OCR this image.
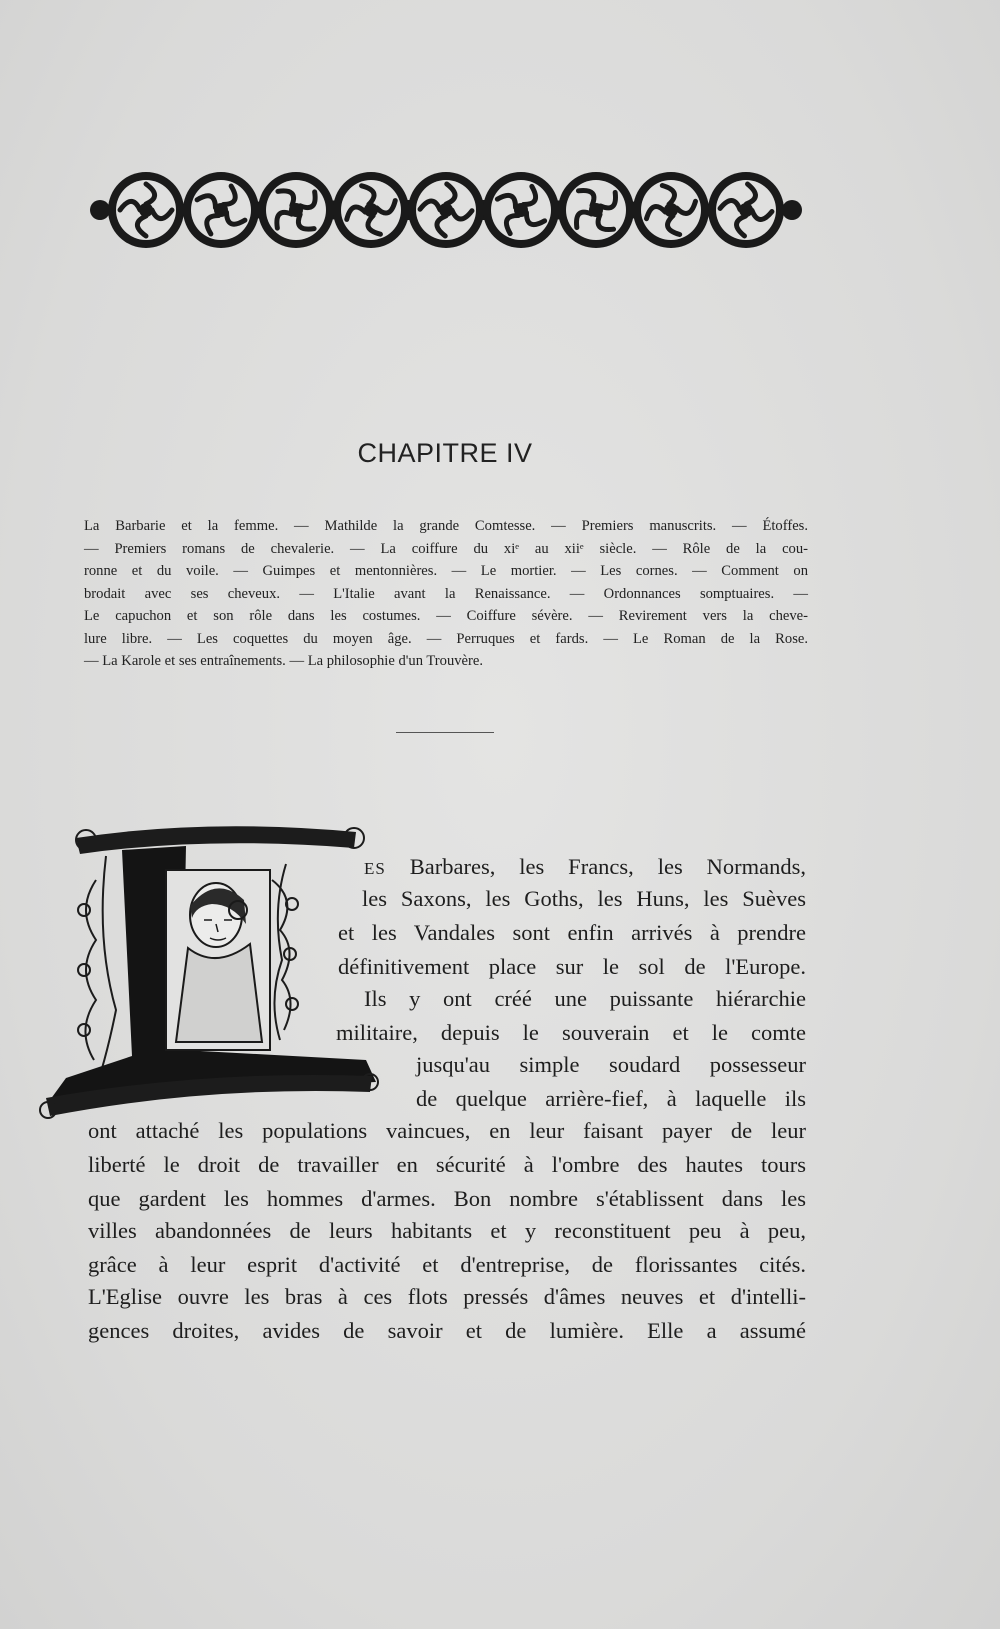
CHAPITRE IV
La Barbarie et la femme. — Mathilde la grande Comtesse. — Premiers manuscrits. — Étoffes.
— Premiers romans de chevalerie. — La coiffure du xiᵉ au xiiᵉ siècle. — Rôle de la cou-
ronne et du voile. — Guimpes et mentonnières. — Le mortier. — Les cornes. — Comment on
brodait avec ses cheveux. — L'Italie avant la Renaissance. — Ordonnances somptuaires. —
Le capuchon et son rôle dans les costumes. — Coiffure sévère. — Revirement vers la cheve-
lure libre. — Les coquettes du moyen âge. — Perruques et fards. — Le Roman de la Rose.
— La Karole et ses entraînements. — La philosophie d'un Trouvère.
ES Barbares, les Francs, les Normands,
les Saxons, les Goths, les Huns, les Suèves
et les Vandales sont enfin arrivés à prendre
définitivement place sur le sol de l'Europe.
Ils y ont créé une puissante hiérarchie
militaire, depuis le souverain et le comte
jusqu'au simple soudard possesseur
de quelque arrière-fief, à laquelle ils
ont attaché les populations vaincues, en leur faisant payer de leur
liberté le droit de travailler en sécurité à l'ombre des hautes tours
que gardent les hommes d'armes. Bon nombre s'établissent dans les
villes abandonnées de leurs habitants et y reconstituent peu à peu,
grâce à leur esprit d'activité et d'entreprise, de florissantes cités.
L'Eglise ouvre les bras à ces flots pressés d'âmes neuves et d'intelli-
gences droites, avides de savoir et de lumière. Elle a assumé
